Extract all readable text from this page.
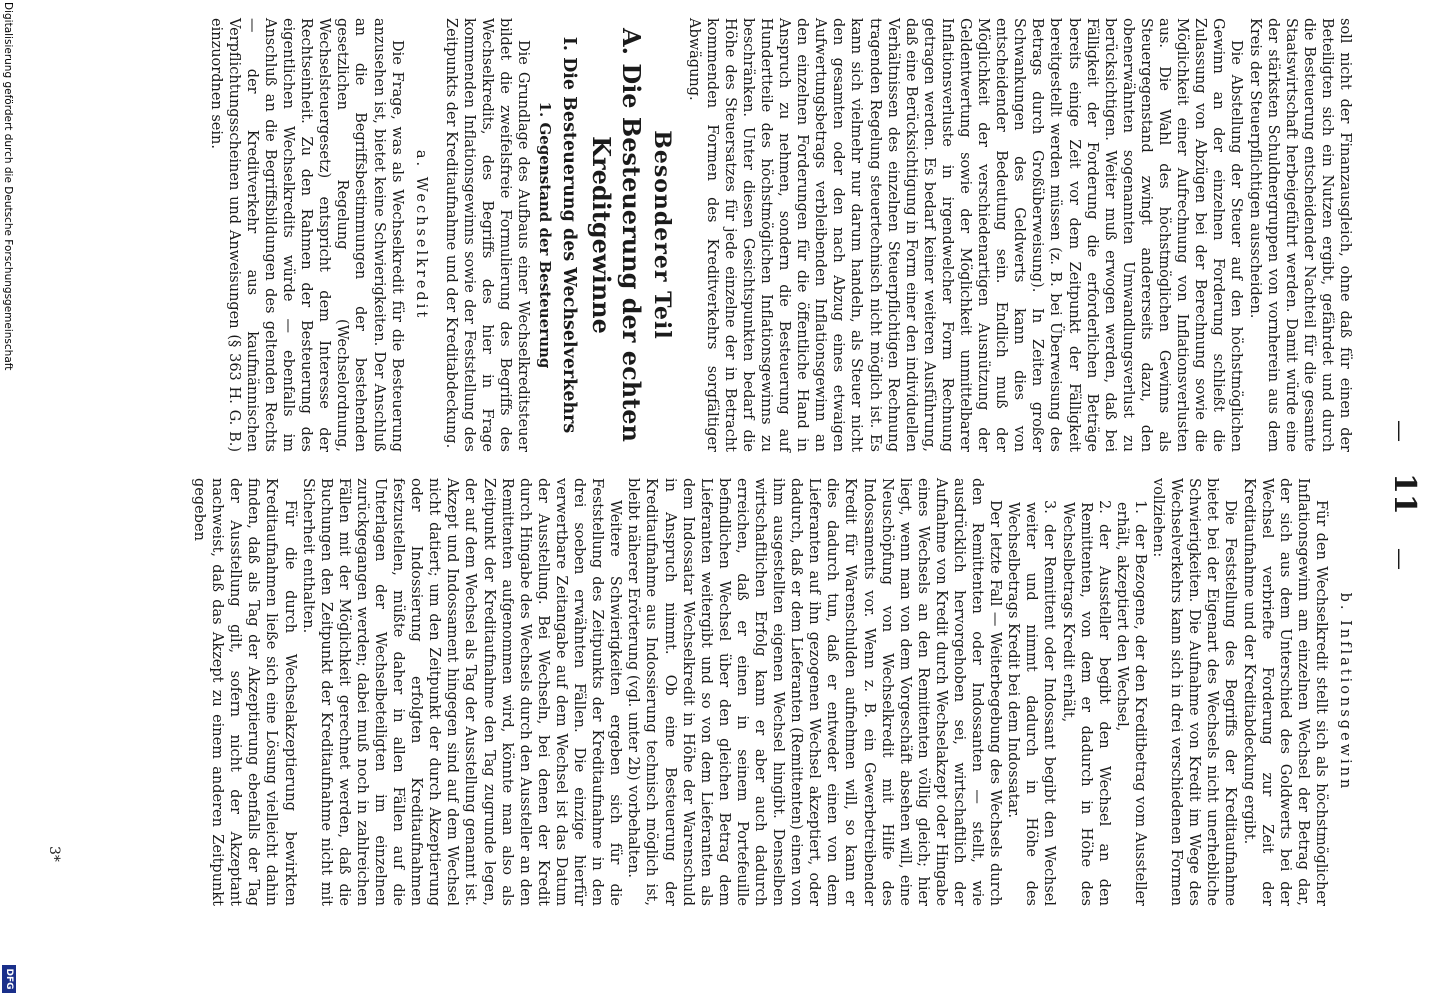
—
11
—

soll nicht der Finanzausgleich, ohne daß für einen der Beteiligten sich ein Nutzen ergibt, gefährdet und durch die Besteuerung entscheidender Nachteil für die gesamte Staatswirtschaft herbeigeführt werden. Damit würde eine der stärksten Schuldnergruppen von vornherein aus dem Kreis der Steuerpflichtigen ausscheiden.

Die Abstellung der Steuer auf den höchstmöglichen Gewinn an der einzelnen Forderung schließt die Zulassung von Abzügen bei der Berechnung sowie die Möglichkeit einer Aufrechnung von Inflationsverlusten aus. Die Wahl des höchstmöglichen Gewinns als Steuergegenstand zwingt andererseits dazu, den obenerwähnten sogenannten Umwandlungsverlust zu berücksichtigen. Weiter muß erwogen werden, daß bei Fälligkeit der Forderung die erforderlichen Beträge bereits einige Zeit vor dem Zeitpunkt der Fälligkeit bereitgestellt werden müssen (z. B. bei Überweisung des Betrags durch Großüberweisung). In Zeiten großer Schwankungen des Geldwerts kann dies von entscheidender Bedeutung sein. Endlich muß der Möglichkeit der verschiedenartigen Ausnützung der Geldentwertung sowie der Möglichkeit unmittelbarer Inflationsverluste in irgendwelcher Form Rechnung getragen werden. Es bedarf keiner weiteren Ausführung, daß eine Berücksichtigung in Form einer den individuellen Verhältnissen des einzelnen Steuerpflichtigen Rechnung tragenden Regelung steuertechnisch nicht möglich ist. Es kann sich vielmehr nur darum handeln, als Steuer nicht den gesamten oder den nach Abzug eines etwaigen Aufwertungsbetrags verbleibenden Inflationsgewinn an den einzelnen Forderungen für die öffentliche Hand in Anspruch zu nehmen, sondern die Besteuerung auf Hundertteile des höchstmöglichen Inflationsgewinns zu beschränken. Unter diesen Gesichtspunkten bedarf die Höhe des Steuersatzes für jede einzelne der in Betracht kommenden Formen des Kreditverkehrs sorgfältiger Abwägung.

Besonderer Teil
A. Die Besteuerung der echten Kreditgewinne
I. Die Besteuerung des Wechselverkehrs
1. Gegenstand der Besteuerung

Die Grundlage des Aufbaus einer Wechselkreditsteuer bildet die zweifelsfreie Formulierung des Begriffs des Wechselkredits, des Begriffs des hier in Frage kommenden Inflationsgewinns sowie der Feststellung des Zeitpunkts der Kreditaufnahme und der Kreditabdeckung.

a. Wechselkredit

Die Frage, was als Wechselkredit für die Besteuerung anzusehen ist, bietet keine Schwierigkeiten. Der Anschluß an die Begriffsbestimmungen der bestehenden gesetzlichen Regelung (Wechselordnung, Wechselsteuergesetz) entspricht dem Interesse der Rechtseinheit. Zu den Rahmen der Besteuerung des eigentlichen Wechselkredits würde — ebenfalls im Anschluß an die Begriffsbildungen des geltenden Rechts — der Kreditverkehr aus kaufmännischen Verpflichtungsscheinen und Anweisungen (§ 363 H. G. B.) einzuordnen sein.

b. Inflationsgewinn

Für den Wechselkredit stellt sich als höchstmöglicher Inflationsgewinn am einzelnen Wechsel der Betrag dar, der sich aus dem Unterschied des Goldwerts bei der Wechsel verbriefte Forderung zur Zeit der Kreditaufnahme und der Kreditabdeckung ergibt.

Die Feststellung des Begriffs der Kreditaufnahme bietet bei der Eigenart des Wechsels nicht unerhebliche Schwierigkeiten. Die Aufnahme von Kredit im Wege des Wechselverkehrs kann sich in drei verschiedenen Formen vollziehen:

1.
der Bezogene, der den Kreditbetrag vom Aussteller erhält, akzeptiert den Wechsel,

2.
der Aussteller begibt den Wechsel an den Remittenten, von dem er dadurch in Höhe des Wechselbetrags Kredit erhält,

3.
der Remittent oder Indossant begibt den Wechsel weiter und nimmt dadurch in Höhe des Wechselbetrags Kredit bei dem Indossatar.

Der letzte Fall — Weiterbegebung des Wechsels durch den Remittenten oder Indossanten — stellt, wie ausdrücklich hervorgehoben sei, wirtschaftlich der Aufnahme von Kredit durch Wechselakzept oder Hingabe eines Wechsels an den Remittenten völlig gleich; hier liegt, wenn man von dem Vorgeschäft absehen will, eine Neuschöpfung von Wechselkredit mit Hilfe des Indossaments vor. Wenn z. B. ein Gewerbetreibender Kredit für Warenschulden aufnehmen will, so kann er dies dadurch tun, daß er entweder einen von dem Lieferanten auf ihn gezogenen Wechsel akzeptiert, oder dadurch, daß er dem Lieferanten (Remittenten) einen von ihm ausgestellten eigenen Wechsel hingibt. Denselben wirtschaftlichen Erfolg kann er aber auch dadurch erreichen, daß er einen in seinem Portefeuille befindlichen Wechsel über den gleichen Betrag dem Lieferanten weitergibt und so von dem Lieferanten als dem Indossatar Wechselkredit in Höhe der Warenschuld in Anspruch nimmt. Ob eine Besteuerung der Kreditaufnahme aus Indossierung technisch möglich ist, bleibt näherer Erörterung (vgl. unter 2b) vorbehalten.

Weitere Schwierigkeiten ergeben sich für die Feststellung des Zeitpunkts der Kreditaufnahme in den drei soeben erwähnten Fällen. Die einzige hierfür verwertbare Zeitangabe auf dem Wechsel ist das Datum der Ausstellung. Bei Wechseln, bei denen der Kredit durch Hingabe des Wechsels durch den Aussteller an den Remittenten aufgenommen wird, könnte man also als Zeitpunkt der Kreditaufnahme den Tag zugrunde legen, der auf dem Wechsel als Tag der Ausstellung genannt ist. Akzept und Indossament hingegen sind auf dem Wechsel nicht datiert; um den Zeitpunkt der durch Akzeptierung oder Indossierung erfolgten Kreditaufnahmen festzustellen, müßte daher in allen Fällen auf die Unterlagen der Wechselbeteiligten im einzelnen zurückgegangen werden; dabei muß noch in zahlreichen Fällen mit der Möglichkeit gerechnet werden, daß die Buchungen den Zeitpunkt der Kreditaufnahme nicht mit Sicherheit enthalten.

Für die durch Wechselakzeptierung bewirkten Kreditaufnahmen ließe sich eine Lösung vielleicht dahin finden, daß als Tag der Akzeptierung ebenfalls der Tag der Ausstellung gilt, sofern nicht der Akzeptant nachweist, daß das Akzept zu einem anderen Zeitpunkt gegeben

3*
Digitalisierung gefördert durch die Deutsche Forschungsgemeinschaft
DFG
